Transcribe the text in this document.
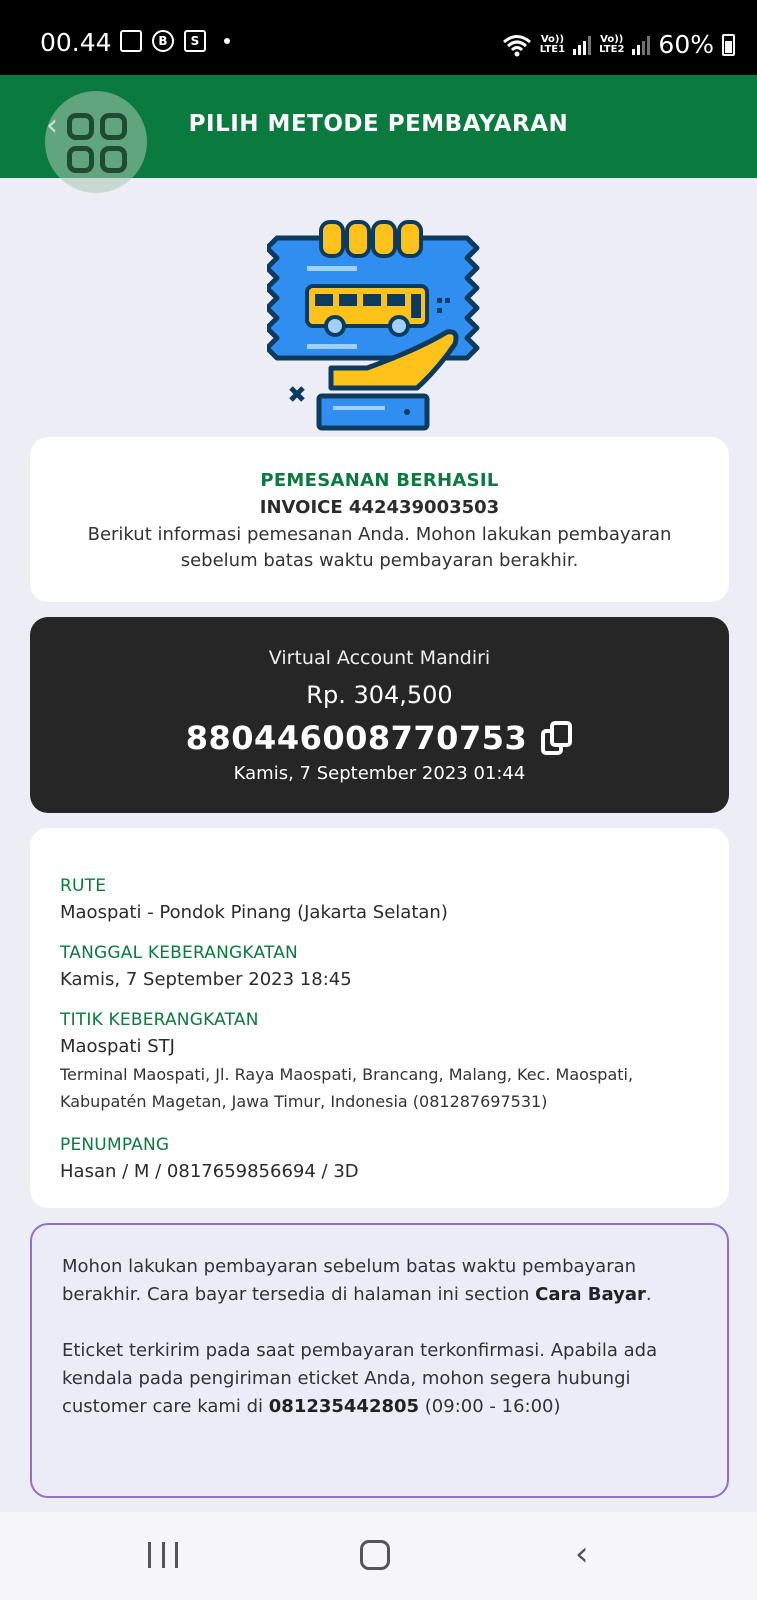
00.44	B	S	Vo))
LTE1
Vo))
LTE2 60%
PILIH METODE PEMBAYARAN
PEMESANAN BERHASIL
INVOICE 442439003503
Berikut informasi pemesanan Anda. Mohon lakukan pembayaran sebelum batas waktu pembayaran berakhir.
Virtual Account Mandiri
Rp. 304,500
880446008770753
Kamis, 7 September 2023 01:44
RUTE
Maospati - Pondok Pinang (Jakarta Selatan)
TANGGAL KEBERANGKATAN
Kamis, 7 September 2023 18:45
TITIK KEBERANGKATAN
Maospati STJ
Terminal Maospati, Jl. Raya Maospati, Brancang, Malang, Kec. Maospati, Kabupatén Magetan, Jawa Timur, Indonesia (081287697531)
PENUMPANG
Hasan / M / 0817659856694 / 3D

Mohon lakukan pembayaran sebelum batas waktu pembayaran berakhir. Cara bayar tersedia di halaman ini section Cara Bayar.

Eticket terkirim pada saat pembayaran terkonfirmasi. Apabila ada kendala pada pengiriman eticket Anda, mohon segera hubungi customer care kami di 081235442805 (09:00 - 16:00)

‹
